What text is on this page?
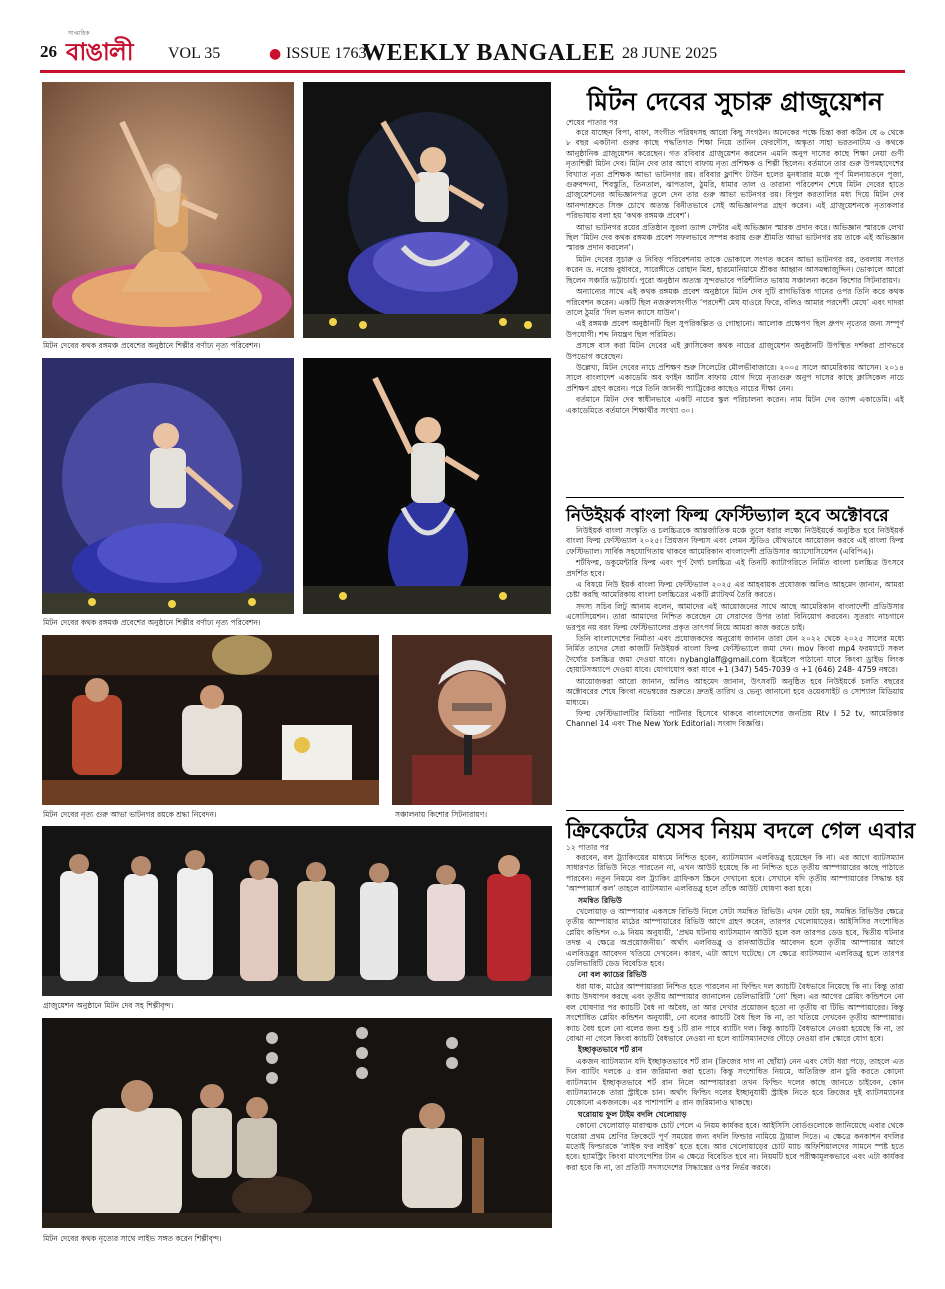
26
সাপ্তাহিক
বাঙালী VOL 35	● ISSUE 1763
WEEKLY BANGALEE 28 JUNE 2025
মিটন দেবের কথক রঙ্গমঞ্চ প্রবেশের অনুষ্ঠানে শিল্পীর বর্ণাঢ্য নৃত্য পরিবেশন।
মিটন দেবের কথক রঙ্গমঞ্চ প্রবেশের অনুষ্ঠানে শিল্পীর বর্ণাঢ্য নৃত্য পরিবেশন।
মিটন দেবের নৃত্য গুরু আভা ভাটনগর রয়কে শ্রদ্ধা নিবেদন।	সঞ্চালনায় কিশোর সিটনারায়ণ।
গ্রাজুয়েশন অনুষ্ঠানে মিটন দেব সহ শিল্পীবৃন্দ।
মিটন দেবের কথক নৃত্যের সাথে লাইভ সঙ্গত করেন শিল্পীবৃন্দ।
মিটন দেবের সুচারু গ্রাজুয়েশন
শেষের পাতার পর

করে যাচ্ছেন বিপা, বাফা, সংগীত পরিষদসহ আরো কিছু সংগঠন। অনেকের পক্ষে চিন্তা করা কঠিন যে ৬ থেকে ৮ বছর একটানা গুরুর কাছে পদ্ধতিগত শিক্ষা নিয়ে তানিন ফেরদৌস, অস্কৃতা সাহা ভরতনাট্যম ও কথকে আনুষ্ঠানিক গ্রাজুয়েশন করেছেন। গত রবিবার গ্রাজুয়েশন করলেন এমনি অনুপ দাসের কাছে শিক্ষা নেয়া গুণী নৃত্যশিল্পী মিটন দেব। মিটন দেব তার আগে বাফায় নৃত্য প্রশিক্ষক ও শিল্পী ছিলেন। বর্তমানে তার গুরু উপমহাদেশের বিখ্যাত নৃত্য প্রশিক্ষক আভা ভাটনগর রয়। রবিবার ফ্লাশিং টাউন হলের মুনধারার মঞ্চে পূর্ণ মিলনায়তনে পূজা, গুরুবন্দনা, শিবস্তুতি, তিনতাল, ঝাপতাল, ঠুমরি, ধামার তাল ও তারানা পরিবেশন শেষে মিটন দেবের হাতে গ্রাজুয়েশনের অভিজ্ঞানপত্র তুলে দেন তার গুরু আভা ভাটনগর রয়। বিপুল করতালির মধ্য দিয়ে মিটন দেব আনন্দাশ্রুতে সিক্ত চোখে অত্যন্ত বিনীতভাবে সেই অভিজ্ঞানপত্র গ্রহণ করেন। এই গ্রাজুয়েশনকে নৃত্যকলার পরিভাষায় বলা হয় ‘কথক রঙ্গমঞ্চ প্রবেশ’।

আভা ভাটনগর রয়ের প্রতিষ্ঠান সুরলা ড্যান্স সেন্টার এই অভিজ্ঞান স্মারক প্রদান করে। অভিজ্ঞান স্মারকে লেখা ছিল ‘মিটন দেব কথক রঙ্গমঞ্চ প্রবেশ সফলভাবে সম্পন্ন করায় গুরু শ্রীমতি আভা ভাটনগর রয় তাকে এই অভিজ্ঞান স্মারক প্রদান করলেন’।

মিটন দেবের সুচারু ও নিবিড় পরিবেশনায় তাকে ভোকালে সংগত করেন আভা ভাটনগর রয়, তবলায় সংগত করেন ড. নরেন্দ্র বুধাবরে, সারেঙ্গীতে রোহান মিশ্র, হারমোনিয়ামে শ্রীকর আহ্বান আসমন্ধাজুদ্দিন। ভোকালে আরো ছিলেন সঞ্চারি ভট্টাচার্য। পুরো অনুষ্ঠান অত্যন্ত সুন্দরভাবে পরিশীলিত ভাষায় সঞ্চালনা করেন কিশোর সিটনারায়ণ।

অন্যান্যের সাথে এই কথক রঙ্গমঞ্চ প্রবেশ অনুষ্ঠানে মিটন দেব দুটি রাগভিত্তিক গানের ওপর তিনি করে কথক পরিবেশন করেন। একটি ছিল নজরুলসংগীত ‘পরদেশী মেঘ যাওরে ফিরে, বলিও আমার পরদেশী মেঘে’ এবং দাদরা তালে ঠুমরি ‘দিল ভলন ক্যাসে যাউন’।

এই রঙ্গমঞ্চ প্রবেশ অনুষ্ঠানটি ছিল সুপরিকল্পিত ও গোছানো। আলোক প্রক্ষেপণ ছিল ধ্রুপদ নৃত্যের জন্য সম্পূর্ণ উপযোগী। শব্দ নিয়ন্ত্রণ ছিল পরিমিত।

প্রসঙ্গে বাস করা মিটন দেবের এই ক্লাসিকেল কথক নাচের গ্রাজুয়েশন অনুষ্ঠানটি উপস্থিত দর্শকরা প্রাণভরে উপভোগ করেছেন।

উল্লেখ্য, মিটন দেবের নাচে প্রশিক্ষণ শুরু সিলেটের মৌলভীবাজারে। ২০০৫ সালে আমেরিকায় আসেন। ২০১৪ সালে বাংলাদেশ একাডেমি অব ফাইন আর্টস বাফায় যোগ দিয়ে নৃত্যগুরু অনুপ দাসের কাছে ক্লাসিকেল নাচে প্রশিক্ষণ গ্রহণ করেন। পরে তিনি জানকী প্যাট্রিকের কাছেও নাচের দীক্ষা নেন।

বর্তমানে মিটন দেব স্বাধীনভাবে একটি নাচের স্কুল পরিচালনা করেন। নাম মিটন দেব ড্যান্স একাডেমি। এই একাডেমিতে বর্তমানে শিক্ষার্থীর সংখ্যা ৩০।

নিউইয়র্ক বাংলা ফিল্ম ফেস্টিভ্যাল হবে অক্টোবরে

নিউইয়র্ক বাংলা সংস্কৃতি ও চলচ্চিত্রকে আন্তর্জাতিক মঞ্চে তুলে ধরার লক্ষ্যে নিউইয়র্কে অনুষ্ঠিত হবে নিউইয়র্ক বাংলা ফিল্ম ফেস্টিভ্যাল ২০২৫। প্রিয়জন ফিল্মস এবং লেমন স্টুডিও যৌথভাবে আয়োজন করবে এই বাংলা ফিল্ম ফেস্টিভ্যাল। সার্বিক সহযোগিতায় থাকবে আমেরিকান বাংলাদেশী প্রডিউসার অ্যাসোসিয়েশন (এবিপিএ)।

শর্টফিল্ম, ডকুমেন্টারি ফিল্ম এবং পূর্ণ দৈর্ঘ্য চলচ্চিত্র এই তিনটি ক্যাটাগরিতে নির্মিত বাংলা চলচ্চিত্র উৎসবে প্রদর্শিত হবে।

এ বিষয়ে নিউ ইয়র্ক বাংলা ফিল্ম ফেস্টিভ্যাল ২০২৫ এর আহবায়ক প্রযোজক অলিও আহমেদ জানান, আমরা চেষ্টা করছি আমেরিকায় বাংলা চলচ্চিত্রের একটি প্ল্যাটফর্ম তৈরি করতে।

সদস্য সচিব লিটু আনাম বলেন, আমাদের এই আয়োজনের সাথে আছে আমেরিকান বাংলাদেশী প্রডিউসার এসোসিয়েশন। তারা আমাদের নিশ্চিত করেছেন যে সেরাদের উপর তারা বিনিয়োগ করবেন। সুতরাং নাচগানে ভরপুর নয় বরং ফিল্ম ফেস্টিভ্যালের প্রকৃত তাৎপর্য নিয়ে আমরা কাজ করতে চাই।

তিনি বাংলাদেশের নির্মাতা এবং প্রযোজকদের অনুরোধ জানান তারা যেন ২০২২ থেকে ২০২৫ সালের মধ্যে নির্মিত তাদের সেরা কাজটি নিউইয়র্ক বাংলা ফিল্ম ফেস্টিভ্যালে জমা দেন। mov কিংবা mp4 ফরম্যাটে সকল দৈর্ঘ্যের চলচ্চিত্র জমা দেওয়া যাবে। nybanglaff@gmail.com ইমেইলে পাঠানো যাবে কিংবা ড্রাইভ লিংক হোয়াটসঅ্যাপে দেওয়া যাবে। যোগাযোগ করা যাবে +1 (347) 545-7039 ও +1 (646) 248- 4759 নম্বরে।

আয়োজকরা আরো জানান, অলিও আহমেদ জানান, উৎসবটি অনুষ্ঠিত হবে নিউইয়র্কে চলতি বছরের অক্টোবরের শেষে কিংবা নভেম্বরের শুরুতে। দ্রুতই তারিখ ও ভেন্যু জানানো হবে ওয়েবসাইট ও সোশ্যাল মিডিয়ায় মাধ্যমে।

ফিল্ম ফেস্টিভ্যালটির মিডিয়া পার্টনার হিসেবে থাকবে বাংলাদেশের জনপ্রিয় Rtv I 52 tv, আমেরিকার Channel 14 এবং The New York Editorial। সংবাদ বিজ্ঞপ্তি।

ক্রিকেটের যেসব নিয়ম বদলে গেল এবার
১২ পাতার পর

করবেন, বল ট্র্যাকিংয়ের মাধ্যমে নিশ্চিত হবেন, ব্যাটসম্যান এলবিডব্লু হয়েছেন কি না। এর আগে ব্যাটসম্যান সাধারণত রিভিউ নিতে পারতেন না, এখন আউট হয়েছে কি না নিশ্চিত হতে তৃতীয় আম্পায়ারের কাছে পাঠাতে পারবেন। নতুন নিয়মে বল ট্র্যাকিং গ্রাফিকস স্ক্রিনে দেখানো হবে। সেখানে যদি তৃতীয় আম্পায়ারের সিদ্ধান্ত হয় ‘আম্পায়ার্স কল’ তাহলে ব্যাটসম্যান এলবিডব্লু হলে তাঁকে আউট ঘোষণা করা হবে।

সমন্বিত রিভিউ

খেলোয়াড় ও আম্পায়ার একসঙ্গে রিভিউ নিলে সেটা সমন্বিত রিভিউ। এখন যেটা হয়, সমন্বিত রিভিউর ক্ষেত্রে তৃতীয় আম্পায়ার মাঠের আম্পায়ারের রিভিউ আগে গ্রহণ করেন, তারপর খেলোয়াড়ের। আইসিসির সংশোধিত প্লেয়িং কন্ডিশন ৩.৯ নিয়ম অনুযায়ী, ‘প্রথম ঘটনায় ব্যাটসম্যান আউট হলে বল তারপর ডেড হবে, দ্বিতীয় ঘটনার তদন্ত এ ক্ষেত্রে অপ্রয়োজনীয়।’ অর্থাৎ এলবিডব্লু ও রানআউটের আবেদন হলে তৃতীয় আম্পায়ার আগে এলবিডব্লুর আবেদন খতিয়ে দেখবেন। কারণ, এটা আগে ঘটেছে। সে ক্ষেত্রে ব্যাটসম্যান এলবিডব্লু হলে তারপর ডেলিভারিটি ডেড বিবেচিত হবে।

নো বল ক্যাচের রিভিউ

ধরা যাক, মাঠের আম্পায়াররা নিশ্চিত হতে পারলেন না ফিল্ডিং দল ক্যাচটি বৈধভাবে নিয়েছে কি না। কিন্তু তারা ক্যাচ উদযাপন করছে এবং তৃতীয় আম্পায়ার জানালেন ডেলিভারিটি ‘নো’ ছিল। এর আগের প্লেয়িং কন্ডিশনে নো বল ঘোষণার পর ক্যাচটি বৈধ না অবৈধ, তা আর দেখার প্রয়োজন হতো না তৃতীয় বা টিভি আম্পায়ারের। কিন্তু সংশোধিত প্লেয়িং কন্ডিশন অনুযায়ী, নো বলের ক্যাচটি বৈধ ছিল কি না, তা খতিয়ে দেখবেন তৃতীয় আম্পায়ার। ক্যাচ বৈধ হলে নো বলের জন্য শুধু ১টি রান পাবে ব্যাটিং দল। কিন্তু ক্যাচটি বৈধভাবে নেওয়া হয়েছে কি না, তা বোঝা না গেলে কিংবা ক্যাচটি বৈধভাবে নেওয়া না হলে ব্যাটসম্যানদের দৌড়ে নেওয়া রান স্কোরে যোগ হবে।

ইচ্ছাকৃতভাবে শর্ট রান

একজন ব্যাটসম্যান যদি ইচ্ছাকৃতভাবে শর্ট রান (ক্রিজের দাগ না ছোঁয়া) নেন এবং সেটা ধরা পড়ে, তাহলে এত দিন ব্যাটিং দলকে ৫ রান জরিমানা করা হতো। কিন্তু সংশোধিত নিয়মে, অতিরিক্ত রান চুরি করতে কোনো ব্যাটসম্যান ইচ্ছাকৃতভাবে শর্ট রান নিলে আম্পায়াররা তখন ফিল্ডিং দলের কাছে জানতে চাইবেন, কোন ব্যাটসম্যানকে তারা স্ট্রাইকে চান। অর্থাৎ ফিল্ডিং দলের ইচ্ছানুযায়ী স্ট্রাইক নিতে হবে ক্রিজের দুই ব্যাটসম্যানের যেকোনো একজনকে। এর পাশাপাশি ৫ রান জরিমানাও থাকছে।

ঘরোয়ায় ফুল টাইম বদলি খেলোয়াড়

কোনো খেলোয়াড় মারাত্মক চোট পেলে এ নিয়ম কার্যকর হবে। আইসিসি বোর্ডগুলোকে জানিয়েছে এবার থেকে ঘরোয়া প্রথম শ্রেণির ক্রিকেটে পূর্ণ সময়ের জন্য বদলি ফিল্ডার নামিয়ে ট্রায়াল দিতে। এ ক্ষেত্রে কনকাশন বদলির মতোই ফিল্ডারকে ‘লাইক ফর লাইক’ হতে হবে। আর খেলোয়াড়ের চোট ম্যাচ অফিশিয়ালদের সামনে স্পষ্ট হতে হবে। হ্যামস্ট্রিং কিংবা মাংসপেশির টান এ ক্ষেত্রে বিবেচিত হবে না। নিয়মটি হবে পরীক্ষামূলকভাবে এবং এটা কার্যকর করা হবে কি না, তা প্রতিটি সদস্যদেশের সিদ্ধান্তের ওপর নির্ভর করবে।
